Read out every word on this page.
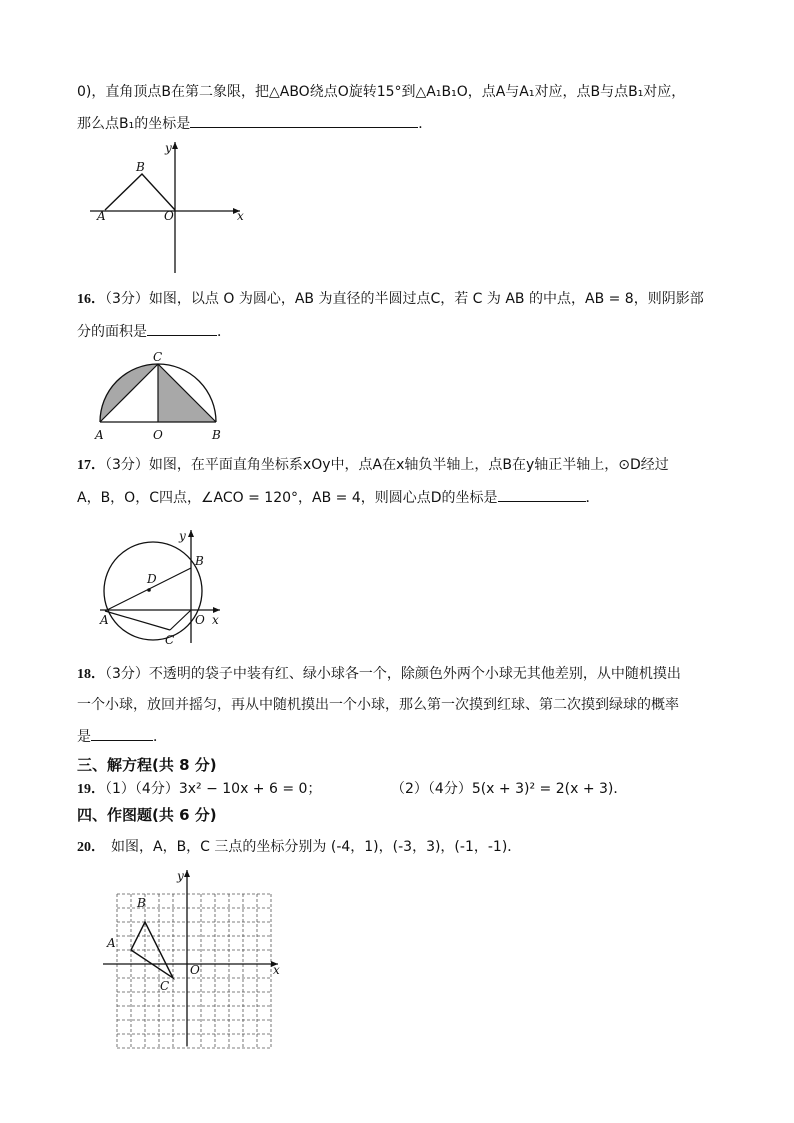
0)，直角顶点B在第二象限，把△ABO绕点O旋转15°到△A₁B₁O，点A与A₁对应，点B与点B₁对应，
那么点B₁的坐标是	．
A
B
O	x
y
16．（3分）如图，以点 O 为圆心，AB 为直径的半圆过点C，若 C 为 AB 的中点，AB = 8，则阴影部
分的面积是	．
C
A	O	B
17．（3分）如图，在平面直角坐标系xOy中，点A在x轴负半轴上，点B在y轴正半轴上，⊙D经过
A，B，O，C四点，∠ACO = 120°，AB = 4，则圆心点D的坐标是	．
y
B
D
A	O x
C
18．（3分）不透明的袋子中装有红、绿小球各一个，除颜色外两个小球无其他差别，从中随机摸出
一个小球，放回并摇匀，再从中随机摸出一个小球，那么第一次摸到红球、第二次摸到绿球的概率
是	．
三、解方程(共 8 分)
19．（1）（4分）3x² − 10x + 6 = 0；	（2）（4分）5(x + 3)² = 2(x + 3)．
四、作图题(共 6 分)
20． 如图，A，B，C 三点的坐标分别为 (-4，1)，(-3，3)，(-1，-1)．
y
B
A
O	x
C
